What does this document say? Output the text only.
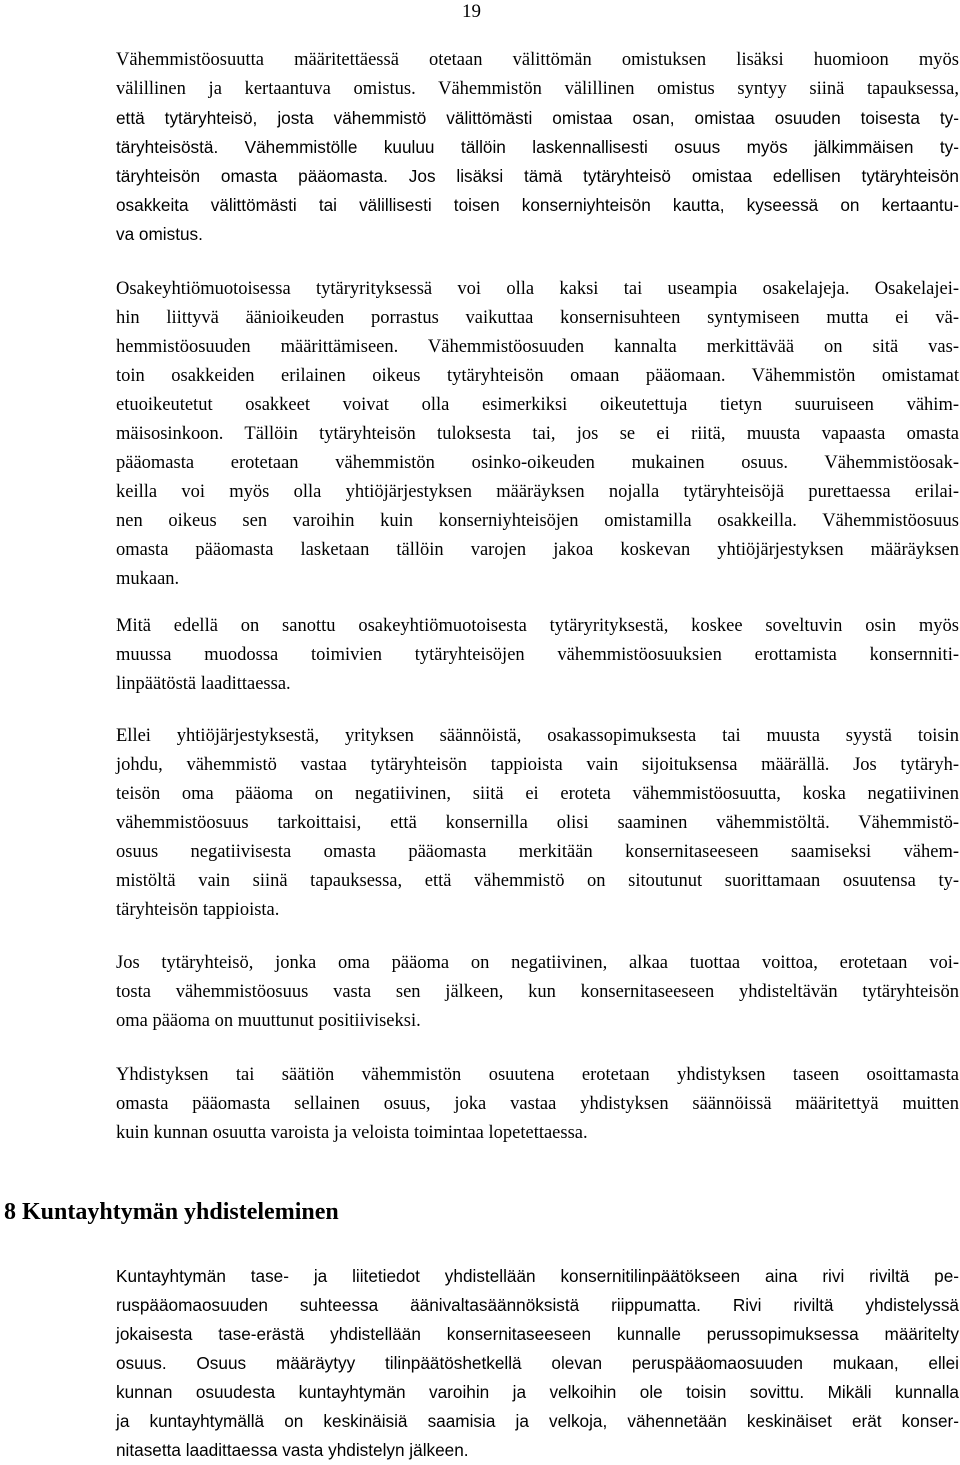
19
Vähemmistöosuutta määritettäessä otetaan välittömän omistuksen lisäksi huomioon myös
välillinen ja kertaantuva omistus. Vähemmistön välillinen omistus syntyy siinä tapauksessa,
että tytäryhteisö, josta vähemmistö välittömästi omistaa osan, omistaa osuuden toisesta ty-
täryhteisöstä. Vähemmistölle kuuluu tällöin laskennallisesti osuus myös jälkimmäisen ty-
täryhteisön omasta pääomasta. Jos lisäksi tämä tytäryhteisö omistaa edellisen tytäryhteisön
osakkeita välittömästi tai välillisesti toisen konserniyhteisön kautta, kyseessä on kertaantu-
va omistus.
Osakeyhtiömuotoisessa tytäryrityksessä voi olla kaksi tai useampia osakelajeja. Osakelajei-
hin liittyvä äänioikeuden porrastus vaikuttaa konsernisuhteen syntymiseen mutta ei vä-
hemmistöosuuden määrittämiseen. Vähemmistöosuuden kannalta merkittävää on sitä vas-
toin osakkeiden erilainen oikeus tytäryhteisön omaan pääomaan. Vähemmistön omistamat
etuoikeutetut osakkeet voivat olla esimerkiksi oikeutettuja tietyn suuruiseen vähim-
mäisosinkoon. Tällöin tytäryhteisön tuloksesta tai, jos se ei riitä, muusta vapaasta omasta
pääomasta erotetaan vähemmistön osinko-oikeuden mukainen osuus. Vähemmistöosak-
keilla voi myös olla yhtiöjärjestyksen määräyksen nojalla tytäryhteisöjä purettaessa erilai-
nen oikeus sen varoihin kuin konserniyhteisöjen omistamilla osakkeilla. Vähemmistöosuus
omasta pääomasta lasketaan tällöin varojen jakoa koskevan yhtiöjärjestyksen määräyksen
mukaan.
Mitä edellä on sanottu osakeyhtiömuotoisesta tytäryrityksestä, koskee soveltuvin osin myös
muussa muodossa toimivien tytäryhteisöjen vähemmistöosuuksien erottamista konsernniti-
linpäätöstä laadittaessa.
Ellei yhtiöjärjestyksestä, yrityksen säännöistä, osakassopimuksesta tai muusta syystä toisin
johdu, vähemmistö vastaa tytäryhteisön tappioista vain sijoituksensa määrällä. Jos tytäryh-
teisön oma pääoma on negatiivinen, siitä ei eroteta vähemmistöosuutta, koska negatiivinen
vähemmistöosuus tarkoittaisi, että konsernilla olisi saaminen vähemmistöltä. Vähemmistö-
osuus negatiivisesta omasta pääomasta merkitään konsernitaseeseen saamiseksi vähem-
mistöltä vain siinä tapauksessa, että vähemmistö on sitoutunut suorittamaan osuutensa ty-
täryhteisön tappioista.
Jos tytäryhteisö, jonka oma pääoma on negatiivinen, alkaa tuottaa voittoa, erotetaan voi-
tosta vähemmistöosuus vasta sen jälkeen, kun konsernitaseeseen yhdisteltävän tytäryhteisön
oma pääoma on muuttunut positiiviseksi.
Yhdistyksen tai säätiön vähemmistön osuutena erotetaan yhdistyksen taseen osoittamasta
omasta pääomasta sellainen osuus, joka vastaa yhdistyksen säännöissä määritettyä muitten
kuin kunnan osuutta varoista ja veloista toimintaa lopetettaessa.
8 Kuntayhtymän yhdisteleminen
Kuntayhtymän tase- ja liitetiedot yhdistellään konsernitilinpäätökseen aina rivi riviltä pe-
ruspääomaosuuden suhteessa äänivaltasäännöksistä riippumatta. Rivi riviltä yhdistelyssä
jokaisesta tase-erästä yhdistellään konsernitaseeseen kunnalle perussopimuksessa määritelty
osuus. Osuus määräytyy tilinpäätöshetkellä olevan peruspääomaosuuden mukaan, ellei
kunnan osuudesta kuntayhtymän varoihin ja velkoihin ole toisin sovittu. Mikäli kunnalla
ja kuntayhtymällä on keskinäisiä saamisia ja velkoja, vähennetään keskinäiset erät konser-
nitasetta laadittaessa vasta yhdistelyn jälkeen.
